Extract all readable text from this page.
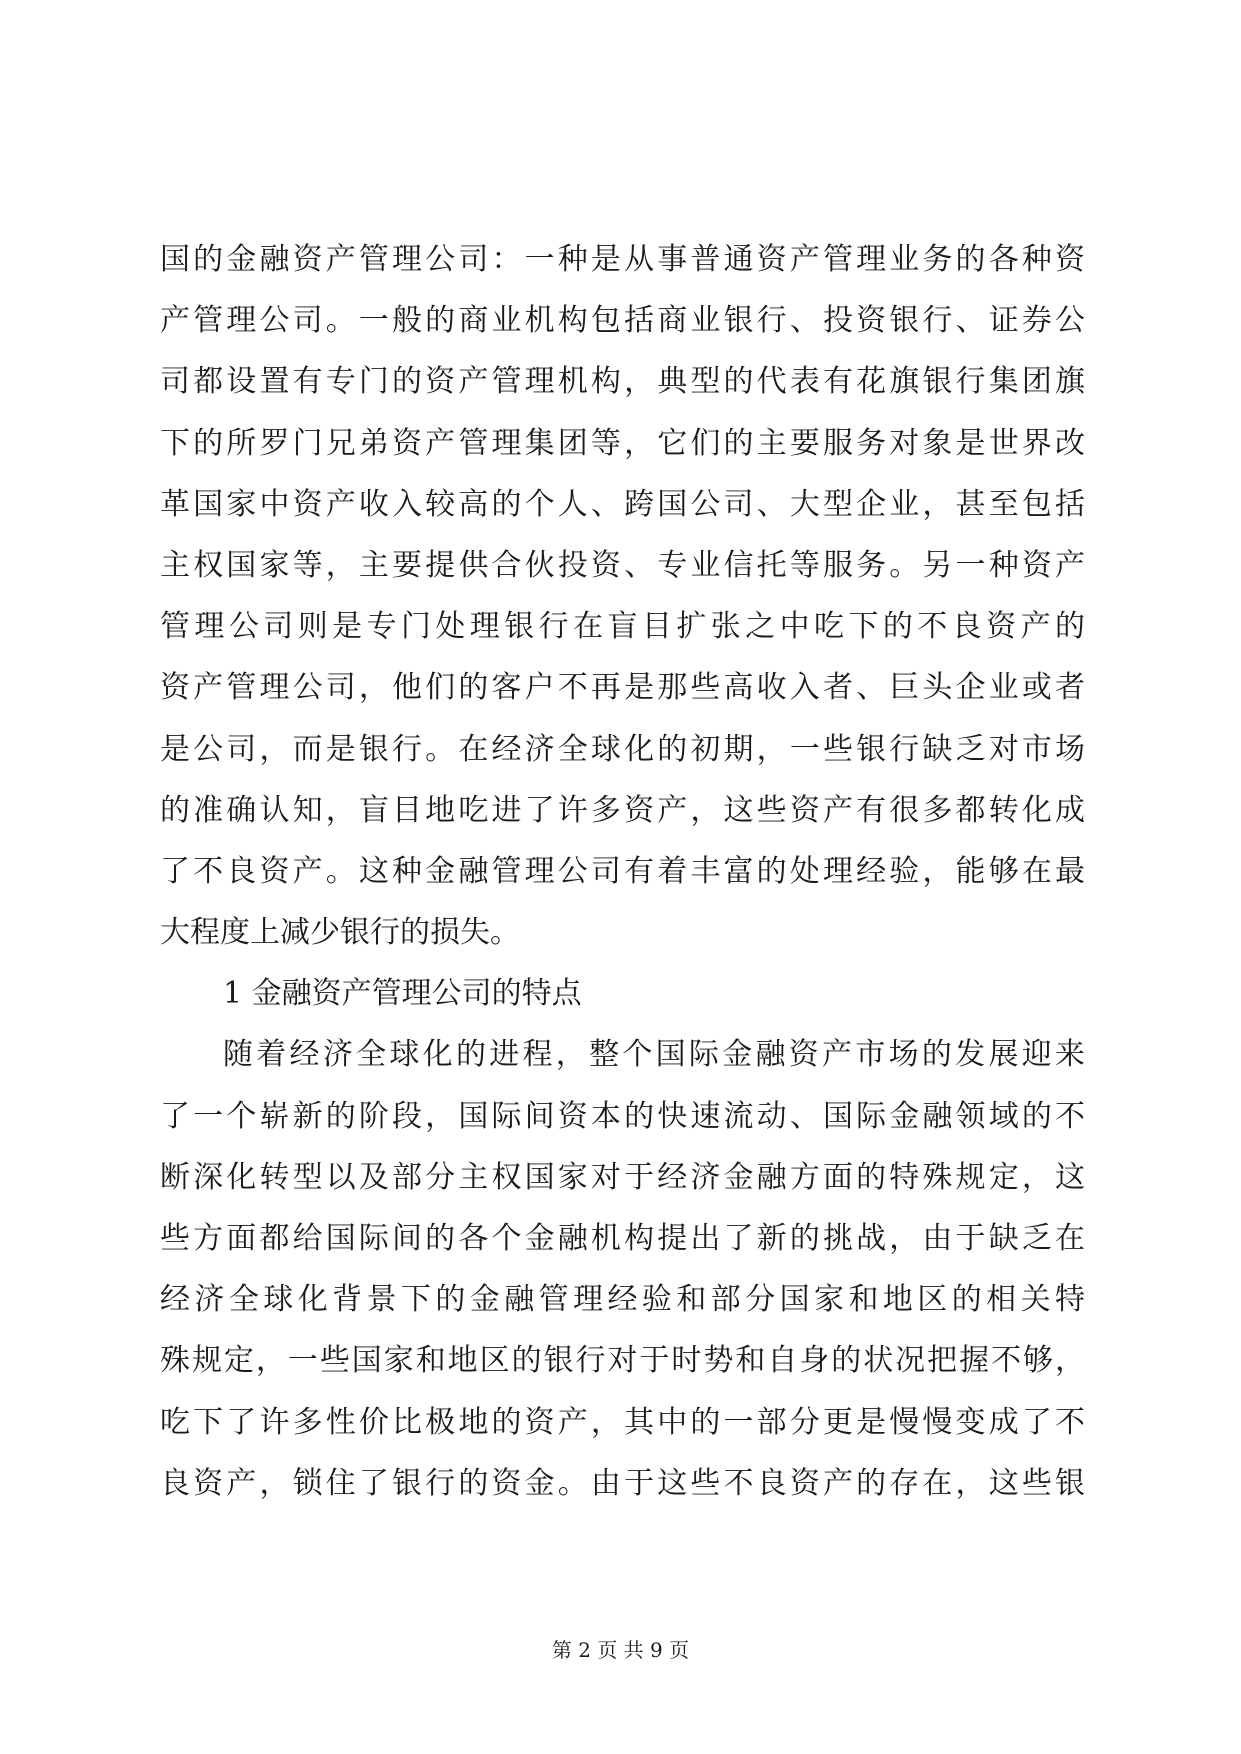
国的金融资产管理公司：一种是从事普通资产管理业务的各种资
产管理公司。一般的商业机构包括商业银行、投资银行、证券公
司都设置有专门的资产管理机构，典型的代表有花旗银行集团旗
下的所罗门兄弟资产管理集团等，它们的主要服务对象是世界改
革国家中资产收入较高的个人、跨国公司、大型企业，甚至包括
主权国家等，主要提供合伙投资、专业信托等服务。另一种资产
管理公司则是专门处理银行在盲目扩张之中吃下的不良资产的
资产管理公司，他们的客户不再是那些高收入者、巨头企业或者
是公司，而是银行。在经济全球化的初期，一些银行缺乏对市场
的准确认知，盲目地吃进了许多资产，这些资产有很多都转化成
了不良资产。这种金融管理公司有着丰富的处理经验，能够在最
大程度上减少银行的损失。
1 金融资产管理公司的特点
随着经济全球化的进程，整个国际金融资产市场的发展迎来
了一个崭新的阶段，国际间资本的快速流动、国际金融领域的不
断深化转型以及部分主权国家对于经济金融方面的特殊规定，这
些方面都给国际间的各个金融机构提出了新的挑战，由于缺乏在
经济全球化背景下的金融管理经验和部分国家和地区的相关特
殊规定，一些国家和地区的银行对于时势和自身的状况把握不够，
吃下了许多性价比极地的资产，其中的一部分更是慢慢变成了不
良资产，锁住了银行的资金。由于这些不良资产的存在，这些银
第 2 页 共 9 页
